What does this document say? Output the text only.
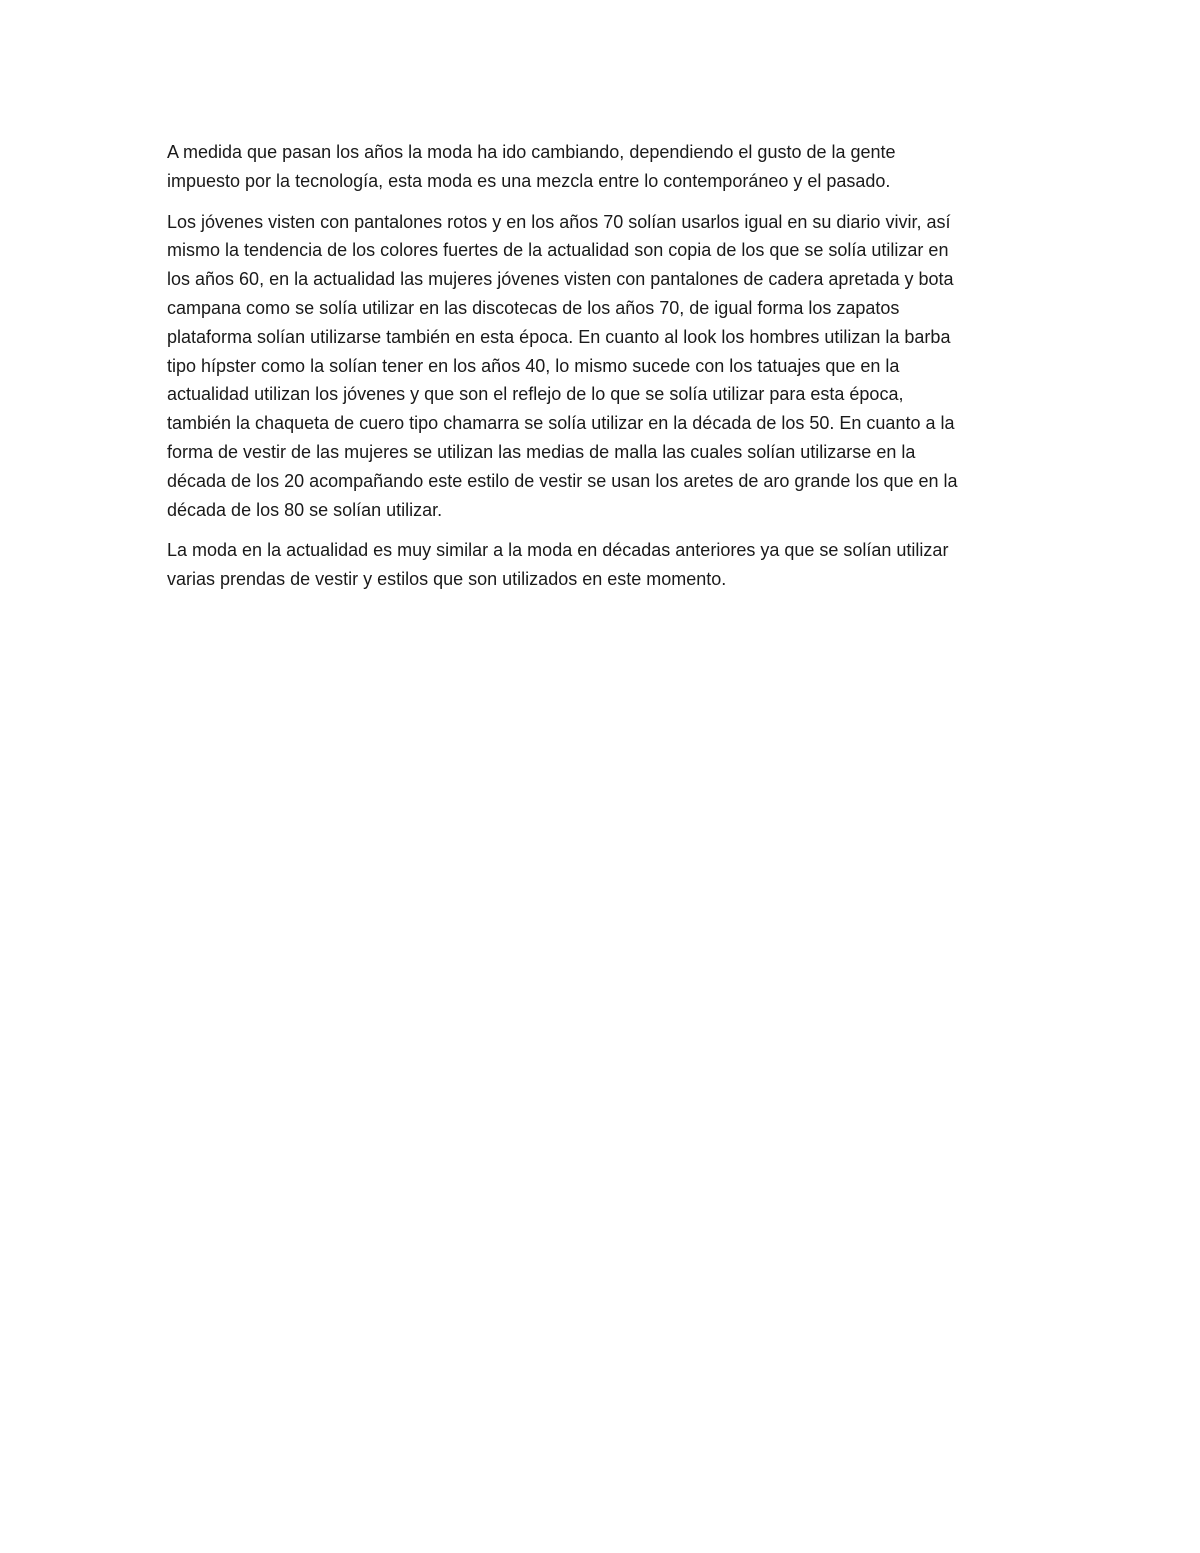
A medida que pasan los años la moda ha ido cambiando, dependiendo el gusto de la gente
impuesto por la tecnología, esta moda es una mezcla entre lo contemporáneo y el pasado.

Los jóvenes visten con pantalones rotos y en los años 70 solían usarlos igual en su diario vivir, así
mismo la tendencia de los colores fuertes de la actualidad son copia de los que se solía utilizar en
los años 60, en la actualidad las mujeres jóvenes visten con pantalones de cadera apretada y bota
campana como se solía utilizar en las discotecas de los años 70, de igual forma los zapatos
plataforma solían utilizarse también en esta época. En cuanto al look los hombres utilizan la barba
tipo hípster como la solían tener en los años 40, lo mismo sucede con los tatuajes que en la
actualidad utilizan los jóvenes y que son el reflejo de lo que se solía utilizar para esta época,
también la chaqueta de cuero tipo chamarra se solía utilizar en la década de los 50. En cuanto a la
forma de vestir de las mujeres se utilizan las medias de malla las cuales solían utilizarse en la
década de los 20 acompañando este estilo de vestir se usan los aretes de aro grande los que en la
década de los 80 se solían utilizar.

La moda en la actualidad es muy similar a la moda en décadas anteriores ya que se solían utilizar
varias prendas de vestir y estilos que son utilizados en este momento.
